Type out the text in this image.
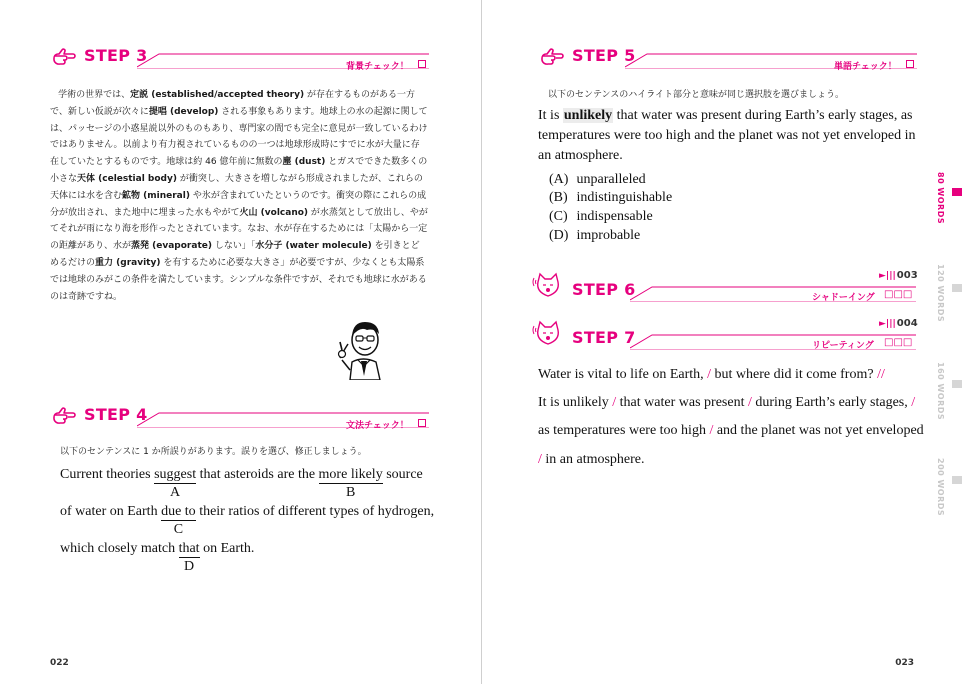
STEP 3
背景チェック！

学術の世界では、定説 (established/accepted theory) が存在するものがある一方で、新しい仮説が次々に提唱 (develop) される事象もあります。地球上の水の起源に関しては、パッセージの小惑星説以外のものもあり、専門家の間でも完全に意見が一致しているわけではありません。以前より有力視されているものの一つは地球形成時にすでに水が大量に存在していたとするものです。地球は約 46 億年前に無数の塵 (dust) とガスでできた数多くの小さな天体 (celestial body) が衝突し、大きさを増しながら形成されましたが、これらの天体には水を含む鉱物 (mineral) や氷が含まれていたというのです。衝突の際にこれらの成分が放出され、また地中に埋まった水もやがて火山 (volcano) が水蒸気として放出し、やがてそれが雨になり海を形作ったとされています。なお、水が存在するためには「太陽から一定の距離があり、水が蒸発 (evaporate) しない」「水分子 (water molecule) を引きとどめるだけの重力 (gravity) を有するために必要な大きさ」が必要ですが、少なくとも太陽系では地球のみがこの条件を満たしています。シンプルな条件ですが、それでも地球に水があるのは奇跡ですね。

STEP 4
文法チェック！
以下のセンテンスに 1 か所誤りがあります。誤りを選び、修正しましょう。
Current theories suggest
A
that asteroids are the more likely
B
source
of water on Earth due to
C
their ratios of different types of hydrogen,
which closely match that
D
on Earth.
022
STEP 5
単語チェック！
以下のセンテンスのハイライト部分と意味が同じ選択肢を選びましょう。
It is unlikely that water was present during Earth’s early stages, as temperatures were too high and the planet was not yet enveloped in an atmosphere.
(A) unparalleled
(B) indistinguishable
(C) indispensable
(D) improbable
STEP 6
►|||003
シャドーイング □□□
STEP 7
►|||004
リピーティング □□□
Water is vital to life on Earth, / but where did it come from? //
It is unlikely / that water was present / during Earth’s early stages, /
as temperatures were too high / and the planet was not yet enveloped
/ in an atmosphere.
023
80 WORDS
120 WORDS
160 WORDS
200 WORDS
